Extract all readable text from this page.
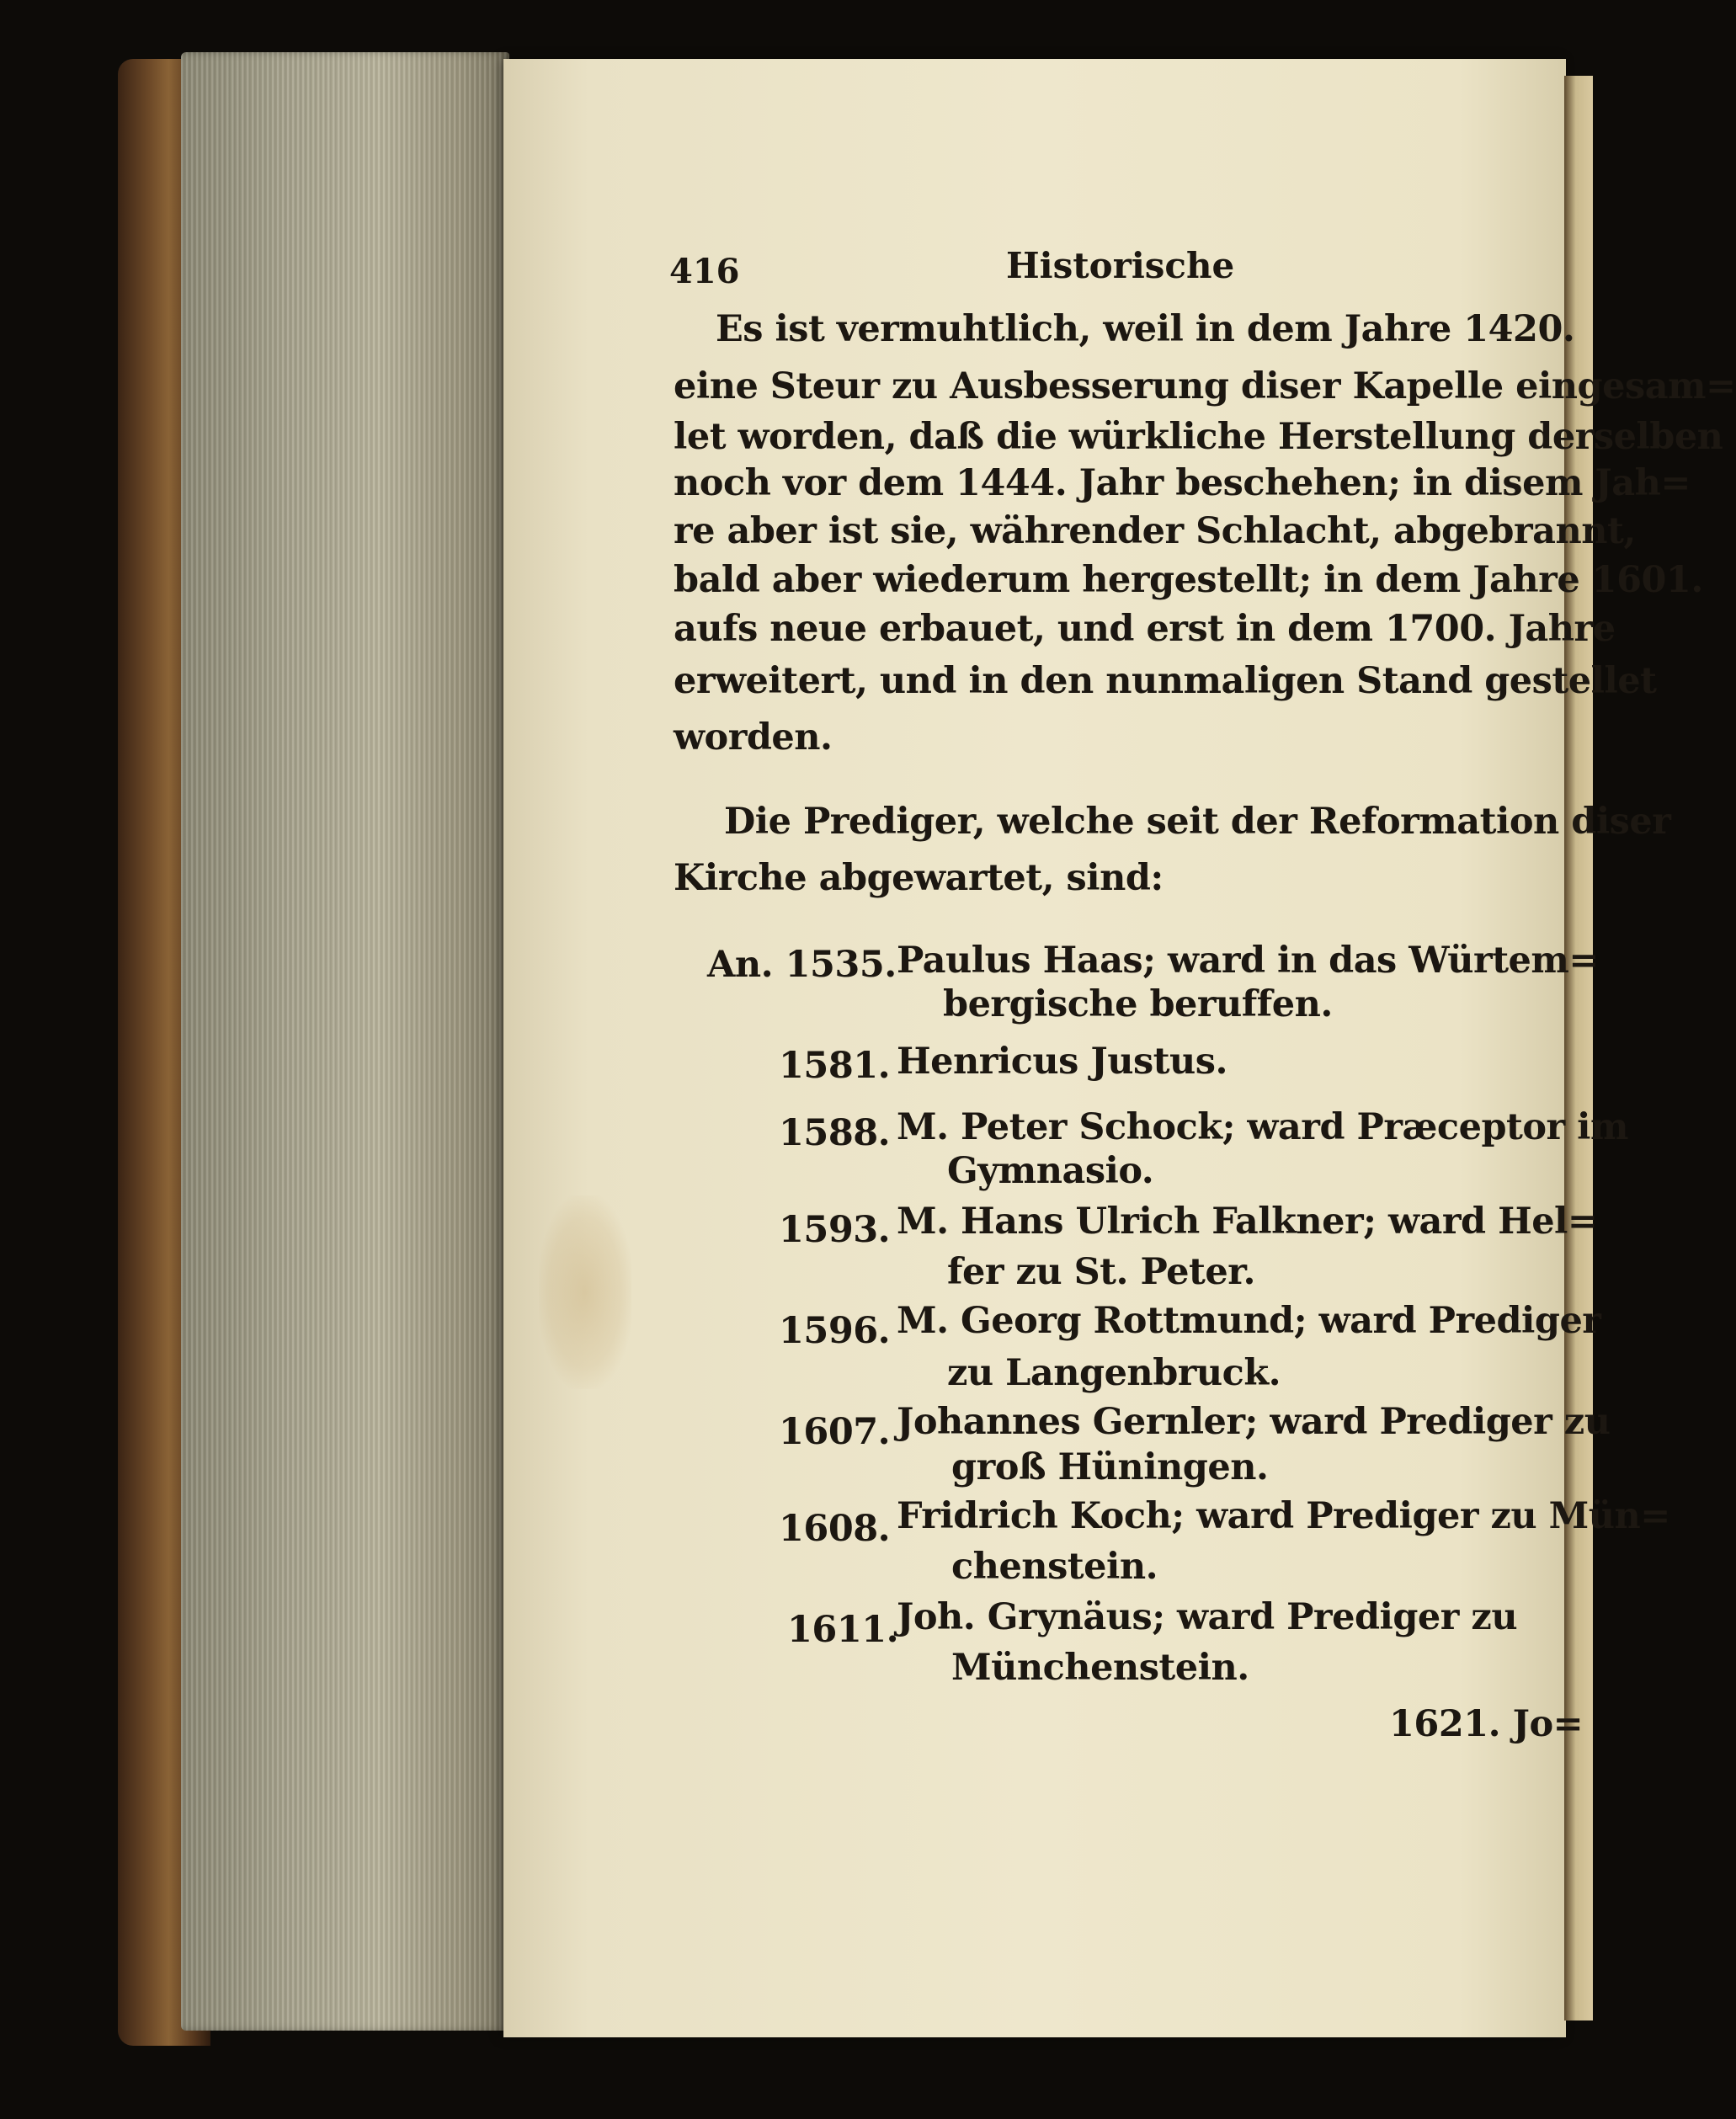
416	Historische
Es ist vermuhtlich, weil in dem Jahre 1420.
eine Steur zu Ausbesserung diser Kapelle eingesam=
let worden, daß die würkliche Herstellung derselben
noch vor dem 1444. Jahr beschehen; in disem Jah=
re aber ist sie, währender Schlacht, abgebrannt,
bald aber wiederum hergestellt; in dem Jahre 1601.
aufs neue erbauet, und erst in dem 1700. Jahre
erweitert, und in den nunmaligen Stand gestellet
worden.
Die Prediger, welche seit der Reformation diser
Kirche abgewartet, sind:
An. 1535. Paulus Haas; ward in das Würtem=
bergische beruffen.
1581. Henricus Justus.
1588. M. Peter Schock; ward Præceptor im
Gymnasio.
1593. M. Hans Ulrich Falkner; ward Hel=
fer zu St. Peter.
1596. M. Georg Rottmund; ward Prediger
zu Langenbruck.
1607. Johannes Gernler; ward Prediger zu
groß Hüningen.
1608. Fridrich Koch; ward Prediger zu Mün=
chenstein.
1611.
Joh. Grynäus; ward Prediger zu
Münchenstein.
1621. Jo=
